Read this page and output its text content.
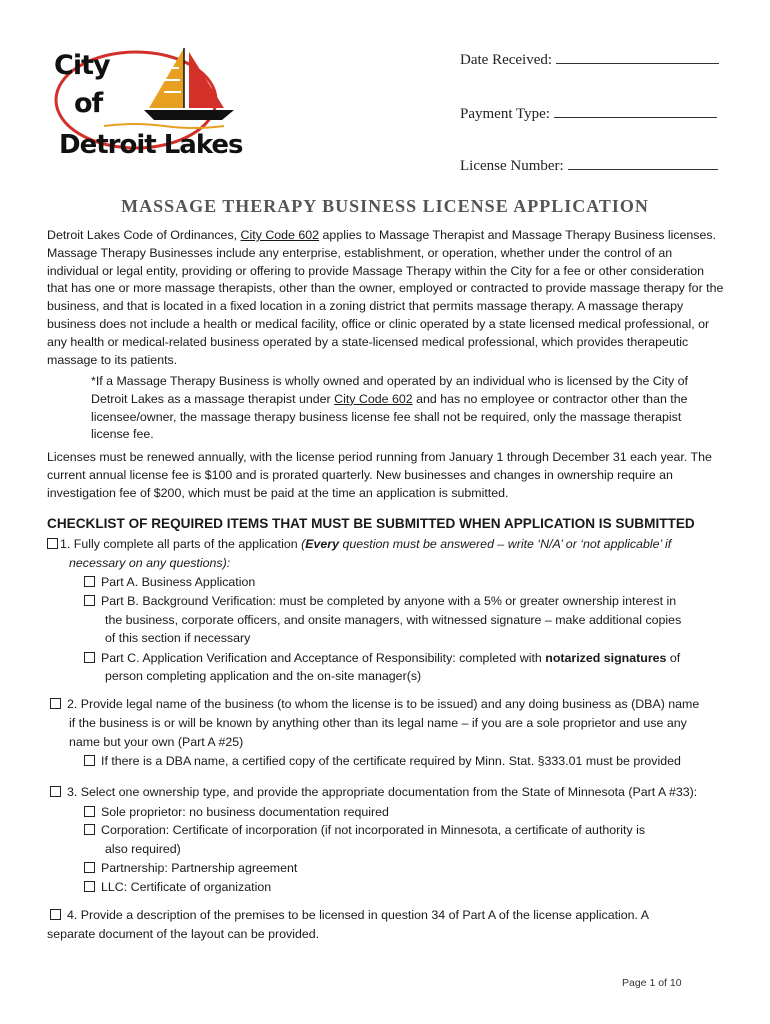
City
of
Detroit Lakes
Date Received:
Payment Type:
License Number:
MASSAGE THERAPY BUSINESS LICENSE APPLICATION
Detroit Lakes Code of Ordinances, City Code 602 applies to Massage Therapist and Massage Therapy Business licenses. Massage Therapy Businesses include any enterprise, establishment, or operation, whether under the control of an individual or legal entity, providing or offering to provide Massage Therapy within the City for a fee or other consideration that has one or more massage therapists, other than the owner, employed or contracted to provide massage therapy for the business, and that is located in a fixed location in a zoning district that permits massage therapy. A massage therapy business does not include a health or medical facility, office or clinic operated by a state licensed medical professional, or any health or medical-related business operated by a state-licensed medical professional, which provides therapeutic massage to its patients.
*If a Massage Therapy Business is wholly owned and operated by an individual who is licensed by the City of Detroit Lakes as a massage therapist under City Code 602 and has no employee or contractor other than the licensee/owner, the massage therapy business license fee shall not be required, only the massage therapist license fee.
Licenses must be renewed annually, with the license period running from January 1 through December 31 each year. The current annual license fee is $100 and is prorated quarterly. New businesses and changes in ownership require an investigation fee of $200, which must be paid at the time an application is submitted.
CHECKLIST OF REQUIRED ITEMS THAT MUST BE SUBMITTED WHEN APPLICATION IS SUBMITTED
1. Fully complete all parts of the application (Every question must be answered – write ‘N/A’ or ‘not applicable’ if
necessary on any questions):
Part A. Business Application
Part B. Background Verification: must be completed by anyone with a 5% or greater ownership interest in
the business, corporate officers, and onsite managers, with witnessed signature – make additional copies
of this section if necessary
Part C. Application Verification and Acceptance of Responsibility: completed with notarized signatures of
person completing application and the on-site manager(s)
2. Provide legal name of the business (to whom the license is to be issued) and any doing business as (DBA) name
if the business is or will be known by anything other than its legal name – if you are a sole proprietor and use any
name but your own (Part A #25)
If there is a DBA name, a certified copy of the certificate required by Minn. Stat. §333.01 must be provided
3. Select one ownership type, and provide the appropriate documentation from the State of Minnesota (Part A #33):
Sole proprietor: no business documentation required
Corporation: Certificate of incorporation (if not incorporated in Minnesota, a certificate of authority is
also required)
Partnership: Partnership agreement
LLC: Certificate of organization
4. Provide a description of the premises to be licensed in question 34 of Part A of the license application. A
separate document of the layout can be provided.
Page 1 of 10
